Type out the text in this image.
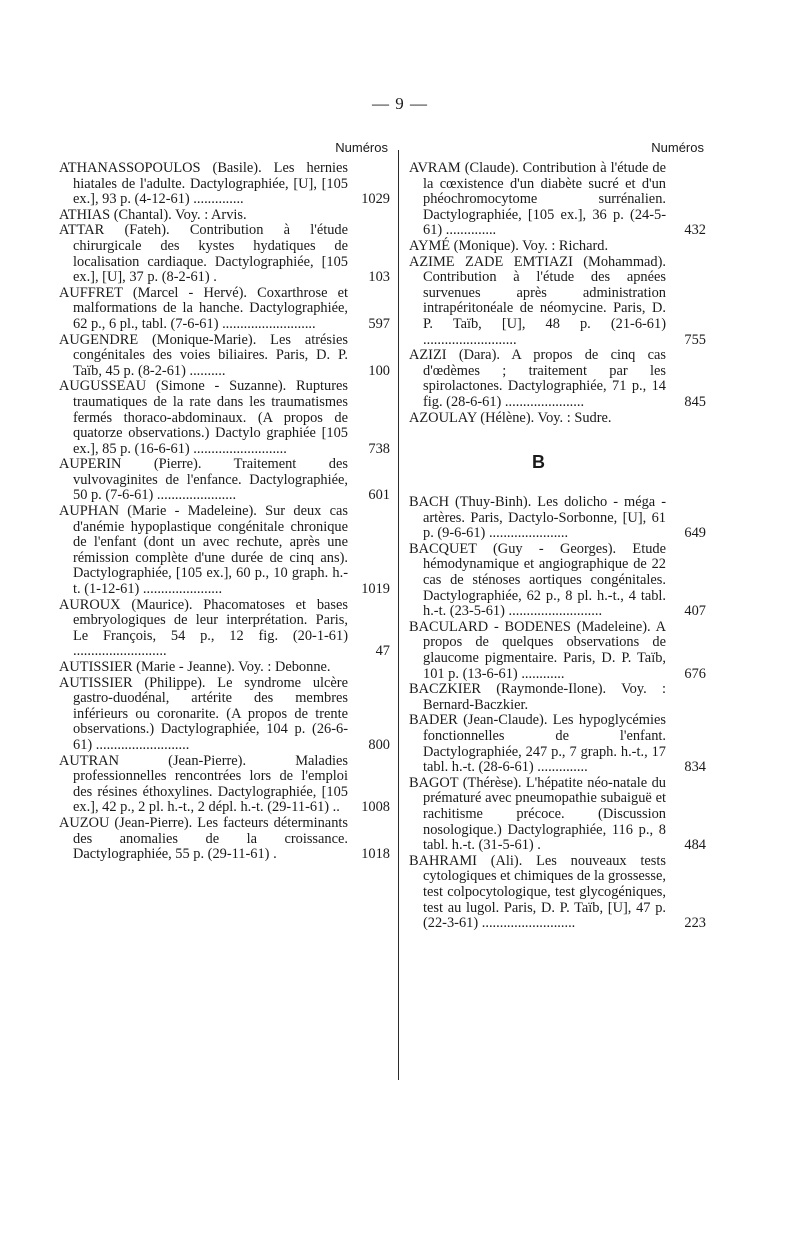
— 9 —
Numéros
ATHANASSOPOULOS (Basile). Les hernies hiatales de l'adulte. Dactylographiée, [U], [105 ex.], 93 p. (4-12-61) ..............	1029
ATHIAS (Chantal). Voy. : Arvis.
ATTAR (Fateh). Contribution à l'étude chirurgicale des kystes hydatiques de localisation cardiaque. Dactylographiée, [105 ex.], [U], 37 p. (8-2-61) .	103
AUFFRET (Marcel - Hervé). Coxarthrose et malformations de la hanche. Dactylographiée, 62 p., 6 pl., tabl. (7-6-61) ..........................	597
AUGENDRE (Monique-Marie). Les atrésies congénitales des voies biliaires. Paris, D. P. Taïb, 45 p. (8-2-61) ..........	100
AUGUSSEAU (Simone - Suzanne). Ruptures traumatiques de la rate dans les traumatismes fermés thoraco-abdominaux. (A propos de quatorze observations.) Dactylo graphiée [105 ex.], 85 p. (16-6-61) ..........................	738
AUPERIN (Pierre). Traitement des vulvovaginites de l'enfance. Dactylographiée, 50 p. (7-6-61) ......................	601
AUPHAN (Marie - Madeleine). Sur deux cas d'anémie hypoplastique congénitale chronique de l'enfant (dont un avec rechute, après une rémission complète d'une durée de cinq ans). Dactylographiée, [105 ex.], 60 p., 10 graph. h.-t. (1-12-61) ......................	1019
AUROUX (Maurice). Phacomatoses et bases embryologiques de leur interprétation. Paris, Le François, 54 p., 12 fig. (20-1-61) ..........................	47
AUTISSIER (Marie - Jeanne). Voy. : Debonne.
AUTISSIER (Philippe). Le syndrome ulcère gastro-duodénal, artérite des membres inférieurs ou coronarite. (A propos de trente observations.) Dactylographiée, 104 p. (26-6-61) ..........................	800
AUTRAN (Jean-Pierre). Maladies professionnelles rencontrées lors de l'emploi des résines éthoxylines. Dactylographiée, [105 ex.], 42 p., 2 pl. h.-t., 2 dépl. h.-t. (29-11-61) ..	1008
AUZOU (Jean-Pierre). Les facteurs déterminants des anomalies de la croissance. Dactylographiée, 55 p. (29-11-61) .	1018
Numéros
AVRAM (Claude). Contribution à l'étude de la cœxistence d'un diabète sucré et d'un phéochromocytome surrénalien. Dactylographiée, [105 ex.], 36 p. (24-5-61) ..............	432
AYMÉ (Monique). Voy. : Richard.
AZIME ZADE EMTIAZI (Mohammad). Contribution à l'étude des apnées survenues après administration intrapéritonéale de néomycine. Paris, D. P. Taïb, [U], 48 p. (21-6-61) ..........................	755
AZIZI (Dara). A propos de cinq cas d'œdèmes ; traitement par les spirolactones. Dactylographiée, 71 p., 14 fig. (28-6-61) ......................	845
AZOULAY (Hélène). Voy. : Sudre.
B
BACH (Thuy-Binh). Les dolicho - méga - artères. Paris, Dactylo-Sorbonne, [U], 61 p. (9-6-61) ......................	649
BACQUET (Guy - Georges). Etude hémodynamique et angiographique de 22 cas de sténoses aortiques congénitales. Dactylographiée, 62 p., 8 pl. h.-t., 4 tabl. h.-t. (23-5-61) ..........................	407
BACULARD - BODENES (Madeleine). A propos de quelques observations de glaucome pigmentaire. Paris, D. P. Taïb, 101 p. (13-6-61) ............	676
BACZKIER (Raymonde-Ilone). Voy. : Bernard-Baczkier.
BADER (Jean-Claude). Les hypoglycémies fonctionnelles de l'enfant. Dactylographiée, 247 p., 7 graph. h.-t., 17 tabl. h.-t. (28-6-61) ..............	834
BAGOT (Thérèse). L'hépatite néo-natale du prématuré avec pneumopathie subaiguë et rachitisme précoce. (Discussion nosologique.) Dactylographiée, 116 p., 8 tabl. h.-t. (31-5-61) .	484
BAHRAMI (Ali). Les nouveaux tests cytologiques et chimiques de la grossesse, test colpocytologique, test glycogéniques, test au lugol. Paris, D. P. Taïb, [U], 47 p. (22-3-61) ..........................	223
